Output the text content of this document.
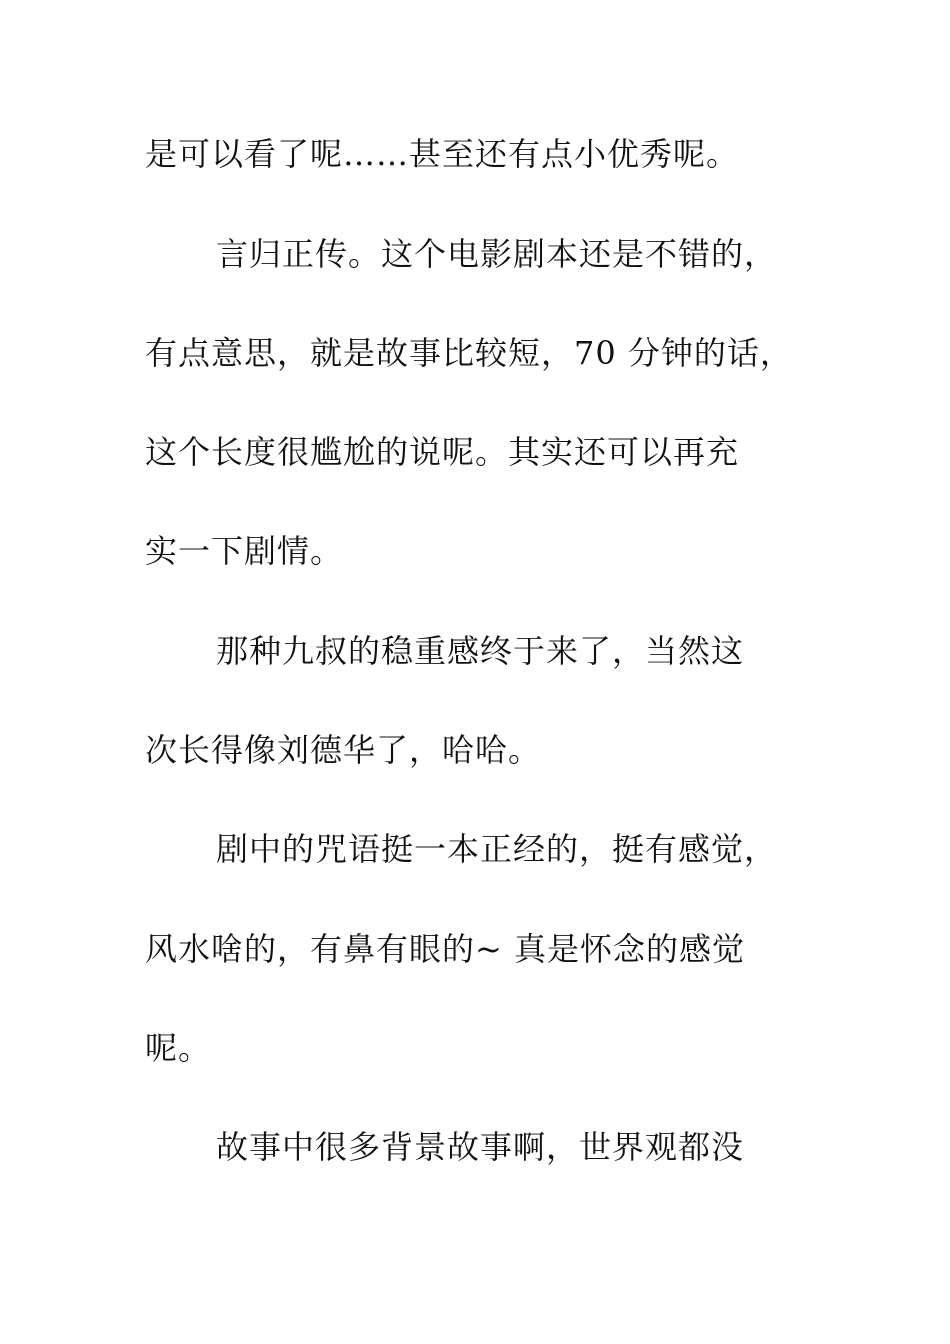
是可以看了呢……甚至还有点小优秀呢。

言归正传。这个电影剧本还是不错的，

有点意思，就是故事比较短，70 分钟的话，

这个长度很尴尬的说呢。其实还可以再充

实一下剧情。

那种九叔的稳重感终于来了，当然这

次长得像刘德华了，哈哈。

剧中的咒语挺一本正经的，挺有感觉，

风水啥的，有鼻有眼的~ 真是怀念的感觉

呢。

故事中很多背景故事啊，世界观都没
